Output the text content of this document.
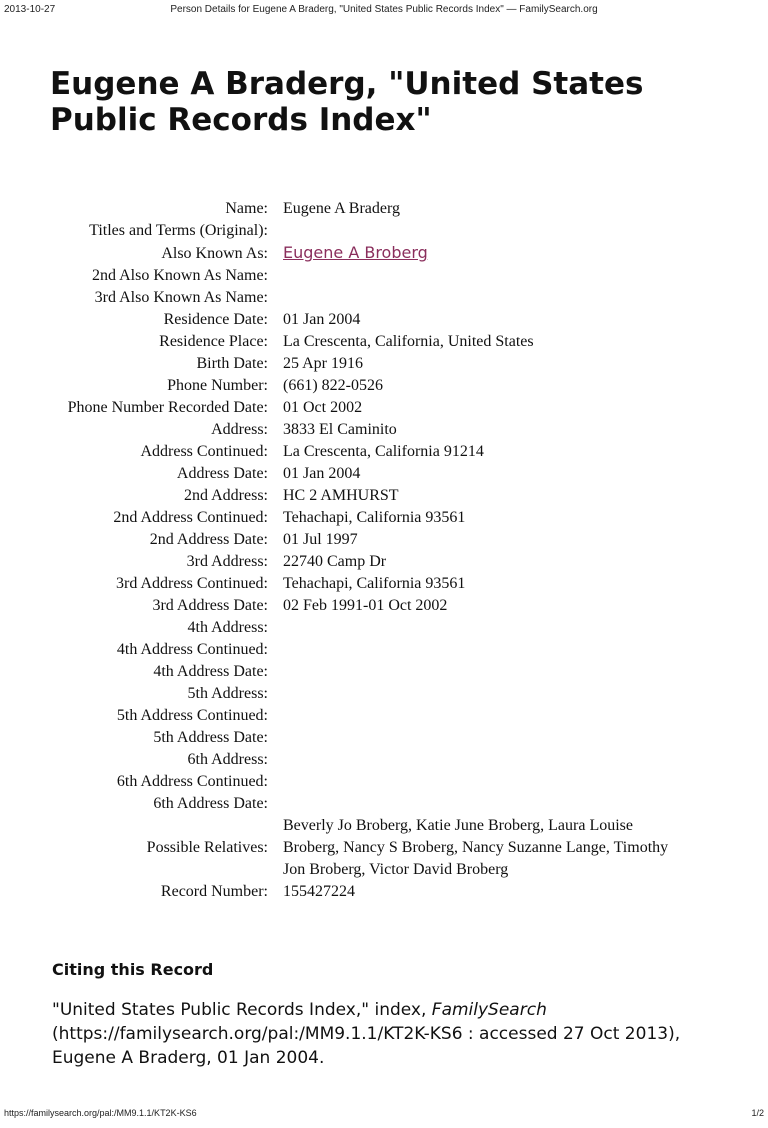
2013-10-27	Person Details for Eugene A Braderg, "United States Public Records Index" — FamilySearch.org
Eugene A Braderg, "United States Public Records Index"
Name:	Eugene A Braderg
Titles and Terms (Original):	
Also Known As:	Eugene A Broberg
2nd Also Known As Name:	
3rd Also Known As Name:	
Residence Date:	01 Jan 2004
Residence Place:	La Crescenta, California, United States
Birth Date:	25 Apr 1916
Phone Number:	(661) 822-0526
Phone Number Recorded Date:	01 Oct 2002
Address:	3833 El Caminito
Address Continued:	La Crescenta, California 91214
Address Date:	01 Jan 2004
2nd Address:	HC 2 AMHURST
2nd Address Continued:	Tehachapi, California 93561
2nd Address Date:	01 Jul 1997
3rd Address:	22740 Camp Dr
3rd Address Continued:	Tehachapi, California 93561
3rd Address Date:	02 Feb 1991-01 Oct 2002
4th Address:	
4th Address Continued:	
4th Address Date:	
5th Address:	
5th Address Continued:	
5th Address Date:	
6th Address:	
6th Address Continued:	
6th Address Date:	
Possible Relatives:	Beverly Jo Broberg, Katie June Broberg, Laura Louise Broberg, Nancy S Broberg, Nancy Suzanne Lange, Timothy Jon Broberg, Victor David Broberg
Record Number:	155427224
Citing this Record

"United States Public Records Index," index, FamilySearch (https://familysearch.org/pal:/MM9.1.1/KT2K-KS6 : accessed 27 Oct 2013), Eugene A Braderg, 01 Jan 2004.

https://familysearch.org/pal:/MM9.1.1/KT2K-KS6	1/2
